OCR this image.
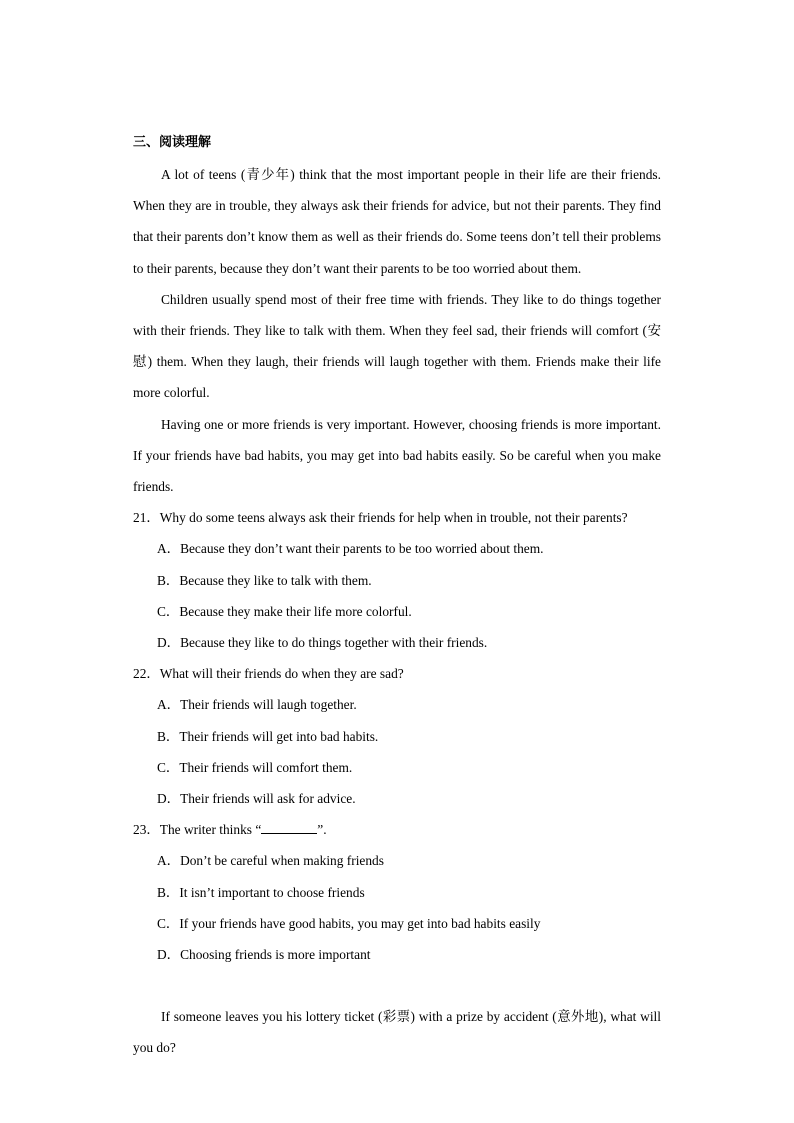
三、阅读理解

A lot of teens (青少年) think that the most important people in their life are their friends. When they are in trouble, they always ask their friends for advice, but not their parents. They find that their parents don’t know them as well as their friends do. Some teens don’t tell their problems to their parents, because they don’t want their parents to be too worried about them.

Children usually spend most of their free time with friends. They like to do things together with their friends. They like to talk with them. When they feel sad, their friends will comfort (安慰) them. When they laugh, their friends will laugh together with them. Friends make their life more colorful.

Having one or more friends is very important. However, choosing friends is more important. If your friends have bad habits, you may get into bad habits easily. So be careful when you make friends.

21．Why do some teens always ask their friends for help when in trouble, not their parents?

A．Because they don’t want their parents to be too worried about them.

B．Because they like to talk with them.

C．Because they make their life more colorful.

D．Because they like to do things together with their friends.

22．What will their friends do when they are sad?

A．Their friends will laugh together.

B．Their friends will get into bad habits.

C．Their friends will comfort them.

D．Their friends will ask for advice.

23．The writer thinks “	”.

A．Don’t be careful when making friends

B．It isn’t important to choose friends

C．If your friends have good habits, you may get into bad habits easily

D．Choosing friends is more important

If someone leaves you his lottery ticket (彩票) with a prize by accident (意外地), what will you do?
